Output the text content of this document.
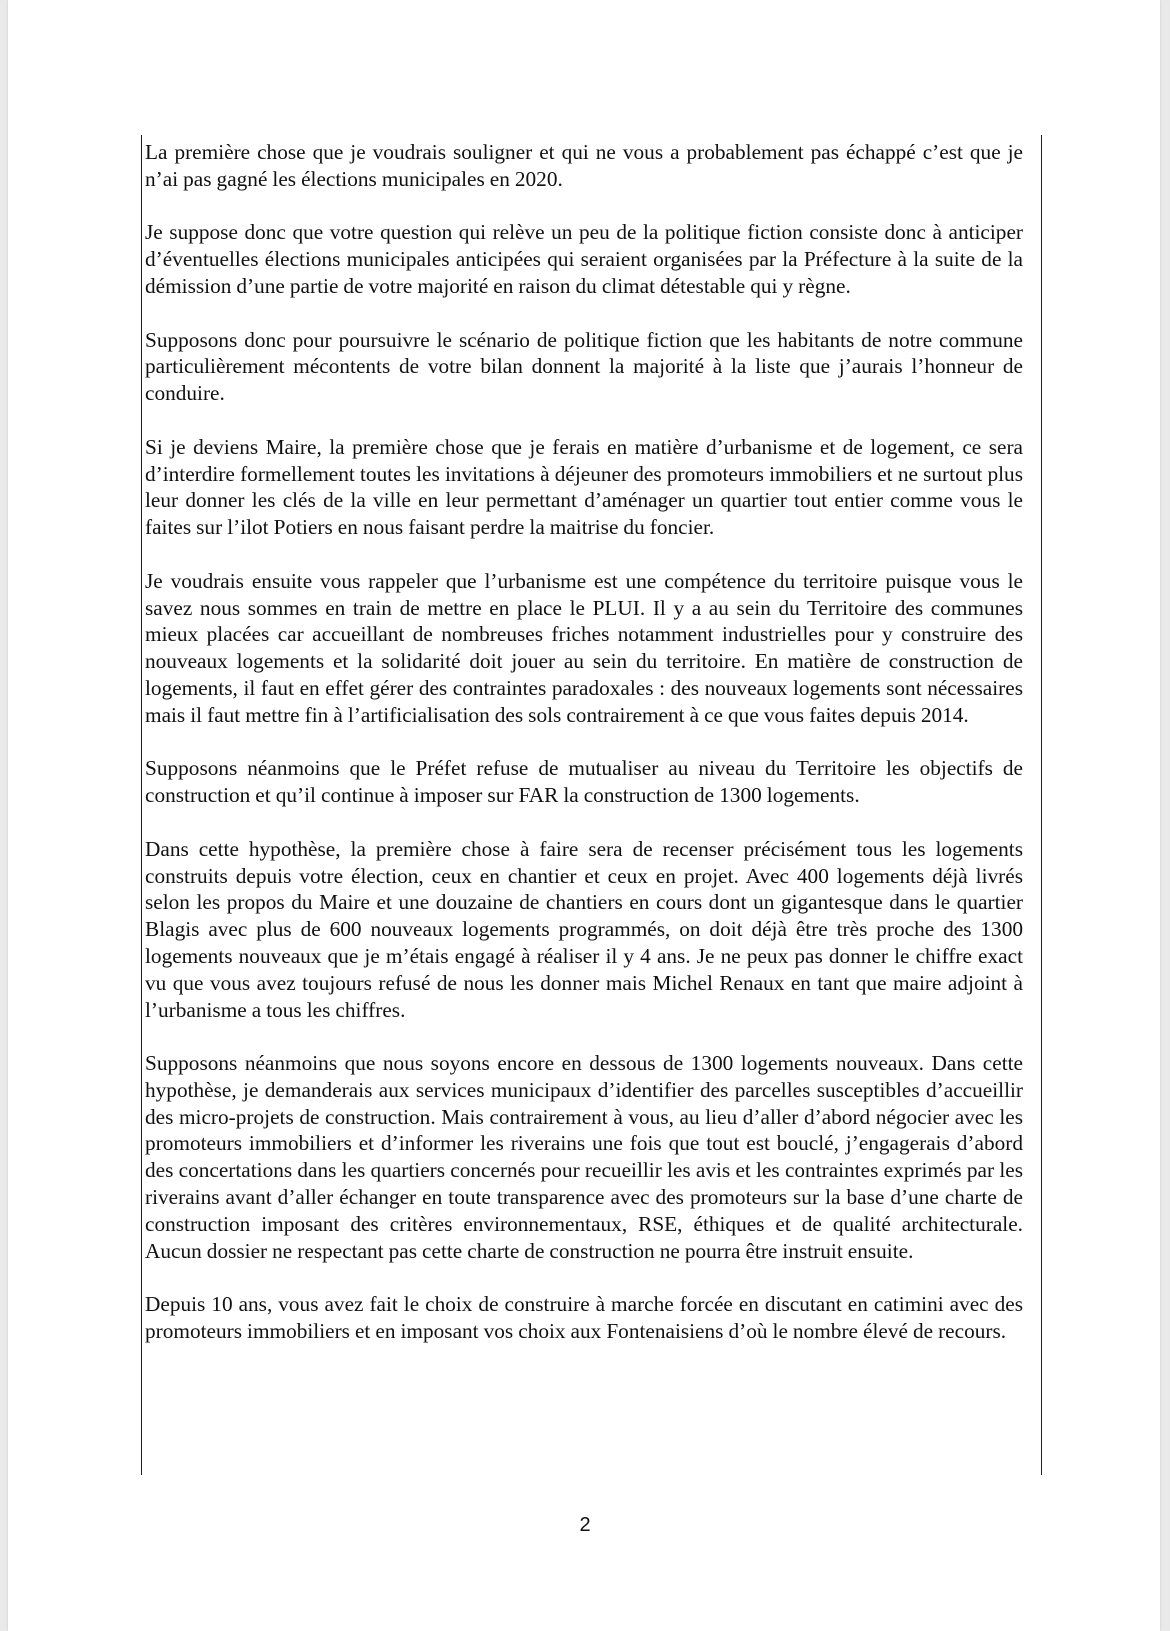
La première chose que je voudrais souligner et qui ne vous a probablement pas échappé c’est que je n’ai pas gagné les élections municipales en 2020.

Je suppose donc que votre question qui relève un peu de la politique fiction consiste donc à anticiper d’éventuelles élections municipales anticipées qui seraient organisées par la Préfecture à la suite de la démission d’une partie de votre majorité en raison du climat détestable qui y règne.

Supposons donc pour poursuivre le scénario de politique fiction que les habitants de notre commune particulièrement mécontents de votre bilan donnent la majorité à la liste que j’aurais l’honneur de conduire.

Si je deviens Maire, la première chose que je ferais en matière d’urbanisme et de logement, ce sera d’interdire formellement toutes les invitations à déjeuner des promoteurs immobiliers et ne surtout plus leur donner les clés de la ville en leur permettant d’aménager un quartier tout entier comme vous le faites sur l’ilot Potiers en nous faisant perdre la maitrise du foncier.

Je voudrais ensuite vous rappeler que l’urbanisme est une compétence du territoire puisque vous le savez nous sommes en train de mettre en place le PLUI. Il y a au sein du Territoire des communes mieux placées car accueillant de nombreuses friches notamment industrielles pour y construire des nouveaux logements et la solidarité doit jouer au sein du territoire. En matière de construction de logements, il faut en effet gérer des contraintes paradoxales : des nouveaux logements sont nécessaires mais il faut mettre fin à l’artificialisation des sols contrairement à ce que vous faites depuis 2014.

Supposons néanmoins que le Préfet refuse de mutualiser au niveau du Territoire les objectifs de construction et qu’il continue à imposer sur FAR la construction de 1300 logements.

Dans cette hypothèse, la première chose à faire sera de recenser précisément tous les logements construits depuis votre élection, ceux en chantier et ceux en projet. Avec 400 logements déjà livrés selon les propos du Maire et une douzaine de chantiers en cours dont un gigantesque dans le quartier Blagis avec plus de 600 nouveaux logements programmés, on doit déjà être très proche des 1300 logements nouveaux que je m’étais engagé à réaliser il y 4 ans. Je ne peux pas donner le chiffre exact vu que vous avez toujours refusé de nous les donner mais Michel Renaux en tant que maire adjoint à l’urbanisme a tous les chiffres.

Supposons néanmoins que nous soyons encore en dessous de 1300 logements nouveaux. Dans cette hypothèse, je demanderais aux services municipaux d’identifier des parcelles susceptibles d’accueillir des micro-projets de construction. Mais contrairement à vous, au lieu d’aller d’abord négocier avec les promoteurs immobiliers et d’informer les riverains une fois que tout est bouclé, j’engagerais d’abord des concertations dans les quartiers concernés pour recueillir les avis et les contraintes exprimés par les riverains avant d’aller échanger en toute transparence avec des promoteurs sur la base d’une charte de construction imposant des critères environnementaux, RSE, éthiques et de qualité architecturale. Aucun dossier ne respectant pas cette charte de construction ne pourra être instruit ensuite.

Depuis 10 ans, vous avez fait le choix de construire à marche forcée en discutant en catimini avec des promoteurs immobiliers et en imposant vos choix aux Fontenaisiens d’où le nombre élevé de recours.

2
